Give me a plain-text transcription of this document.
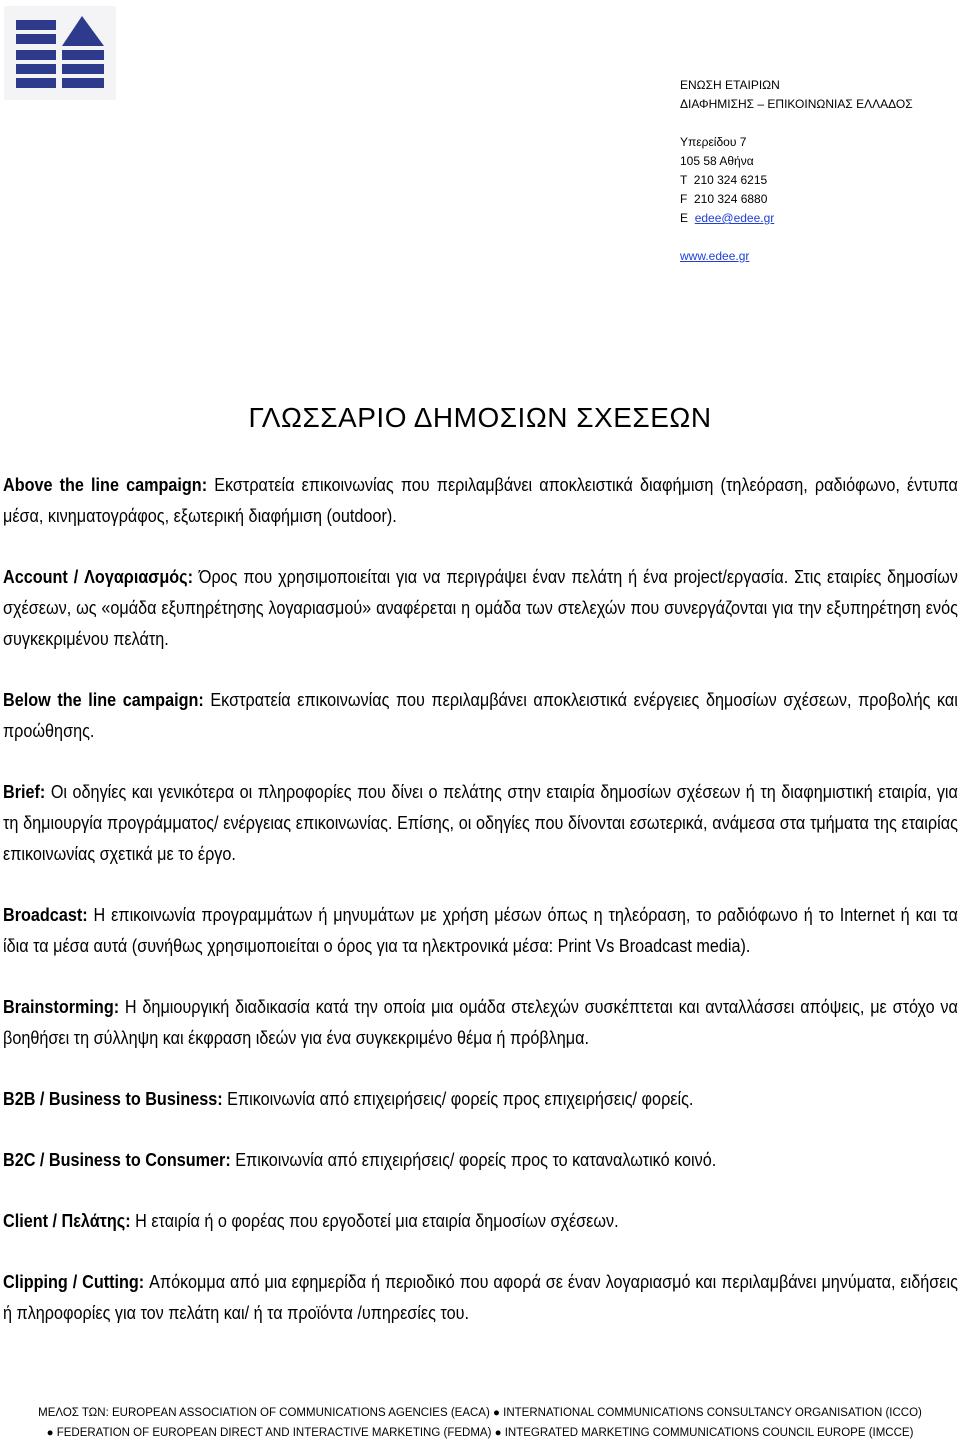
ΕΝΩΣΗ ΕΤΑΙΡΙΩΝ
ΔΙΑΦΗΜΙΣΗΣ – ΕΠΙΚΟΙΝΩΝΙΑΣ ΕΛΛΑΔΟΣ
Υπερείδου 7
105 58 Αθήνα
Τ  210 324 6215
F  210 324 6880
E edee@edee.gr
www.edee.gr
ΓΛΩΣΣΑΡΙΟ ΔΗΜΟΣΙΩΝ ΣΧΕΣΕΩΝ

Above the line campaign: Εκστρατεία επικοινωνίας που περιλαμβάνει αποκλειστικά διαφήμιση (τηλεόραση, ραδιόφωνο, έντυπα μέσα, κινηματογράφος, εξωτερική διαφήμιση (outdoor).

Account / Λογαριασμός: Όρος που χρησιμοποιείται για να περιγράψει έναν πελάτη ή ένα project/εργασία. Στις εταιρίες δημοσίων σχέσεων, ως «ομάδα εξυπηρέτησης λογαριασμού» αναφέρεται η ομάδα των στελεχών που συνεργάζονται για την εξυπηρέτηση ενός συγκεκριμένου πελάτη.

Below the line campaign: Εκστρατεία επικοινωνίας που περιλαμβάνει αποκλειστικά ενέργειες δημοσίων σχέσεων, προβολής και προώθησης.

Brief: Οι οδηγίες και γενικότερα οι πληροφορίες που δίνει ο πελάτης στην εταιρία δημοσίων σχέσεων ή τη διαφημιστική εταιρία, για τη δημιουργία προγράμματος/ ενέργειας επικοινωνίας. Επίσης, οι οδηγίες που δίνονται εσωτερικά, ανάμεσα στα τμήματα της εταιρίας επικοινωνίας σχετικά με το έργο.

Broadcast: Η επικοινωνία προγραμμάτων ή μηνυμάτων με χρήση μέσων όπως η τηλεόραση, το ραδιόφωνο ή το Internet ή και τα ίδια τα μέσα αυτά (συνήθως χρησιμοποιείται ο όρος για τα ηλεκτρονικά μέσα: Print Vs Broadcast media).

Brainstorming: Η δημιουργική διαδικασία κατά την οποία μια ομάδα στελεχών συσκέπτεται και ανταλλάσσει απόψεις, με στόχο να βοηθήσει τη σύλληψη και έκφραση ιδεών για ένα συγκεκριμένο θέμα ή πρόβλημα.

B2B / Business to Business: Επικοινωνία από επιχειρήσεις/ φορείς προς επιχειρήσεις/ φορείς.

B2C / Business to Consumer: Επικοινωνία από επιχειρήσεις/ φορείς προς το καταναλωτικό κοινό.

Client / Πελάτης: Η εταιρία ή ο φορέας που εργοδοτεί μια εταιρία δημοσίων σχέσεων.

Clipping / Cutting: Απόκομμα από μια εφημερίδα ή περιοδικό που αφορά σε έναν λογαριασμό και περιλαμβάνει μηνύματα, ειδήσεις ή πληροφορίες για τον πελάτη και/ ή τα προϊόντα /υπηρεσίες του.

ΜΕΛΟΣ ΤΩΝ: EUROPEAN ASSOCIATION OF COMMUNICATIONS AGENCIES (EACA) ● INTERNATIONAL COMMUNICATIONS CONSULTANCY ORGANISATION (ICCO)
● FEDERATION OF EUROPEAN DIRECT AND INTERACTIVE MARKETING (FEDMA) ● INTEGRATED MARKETING COMMUNICATIONS COUNCIL EUROPE (IMCCE)
